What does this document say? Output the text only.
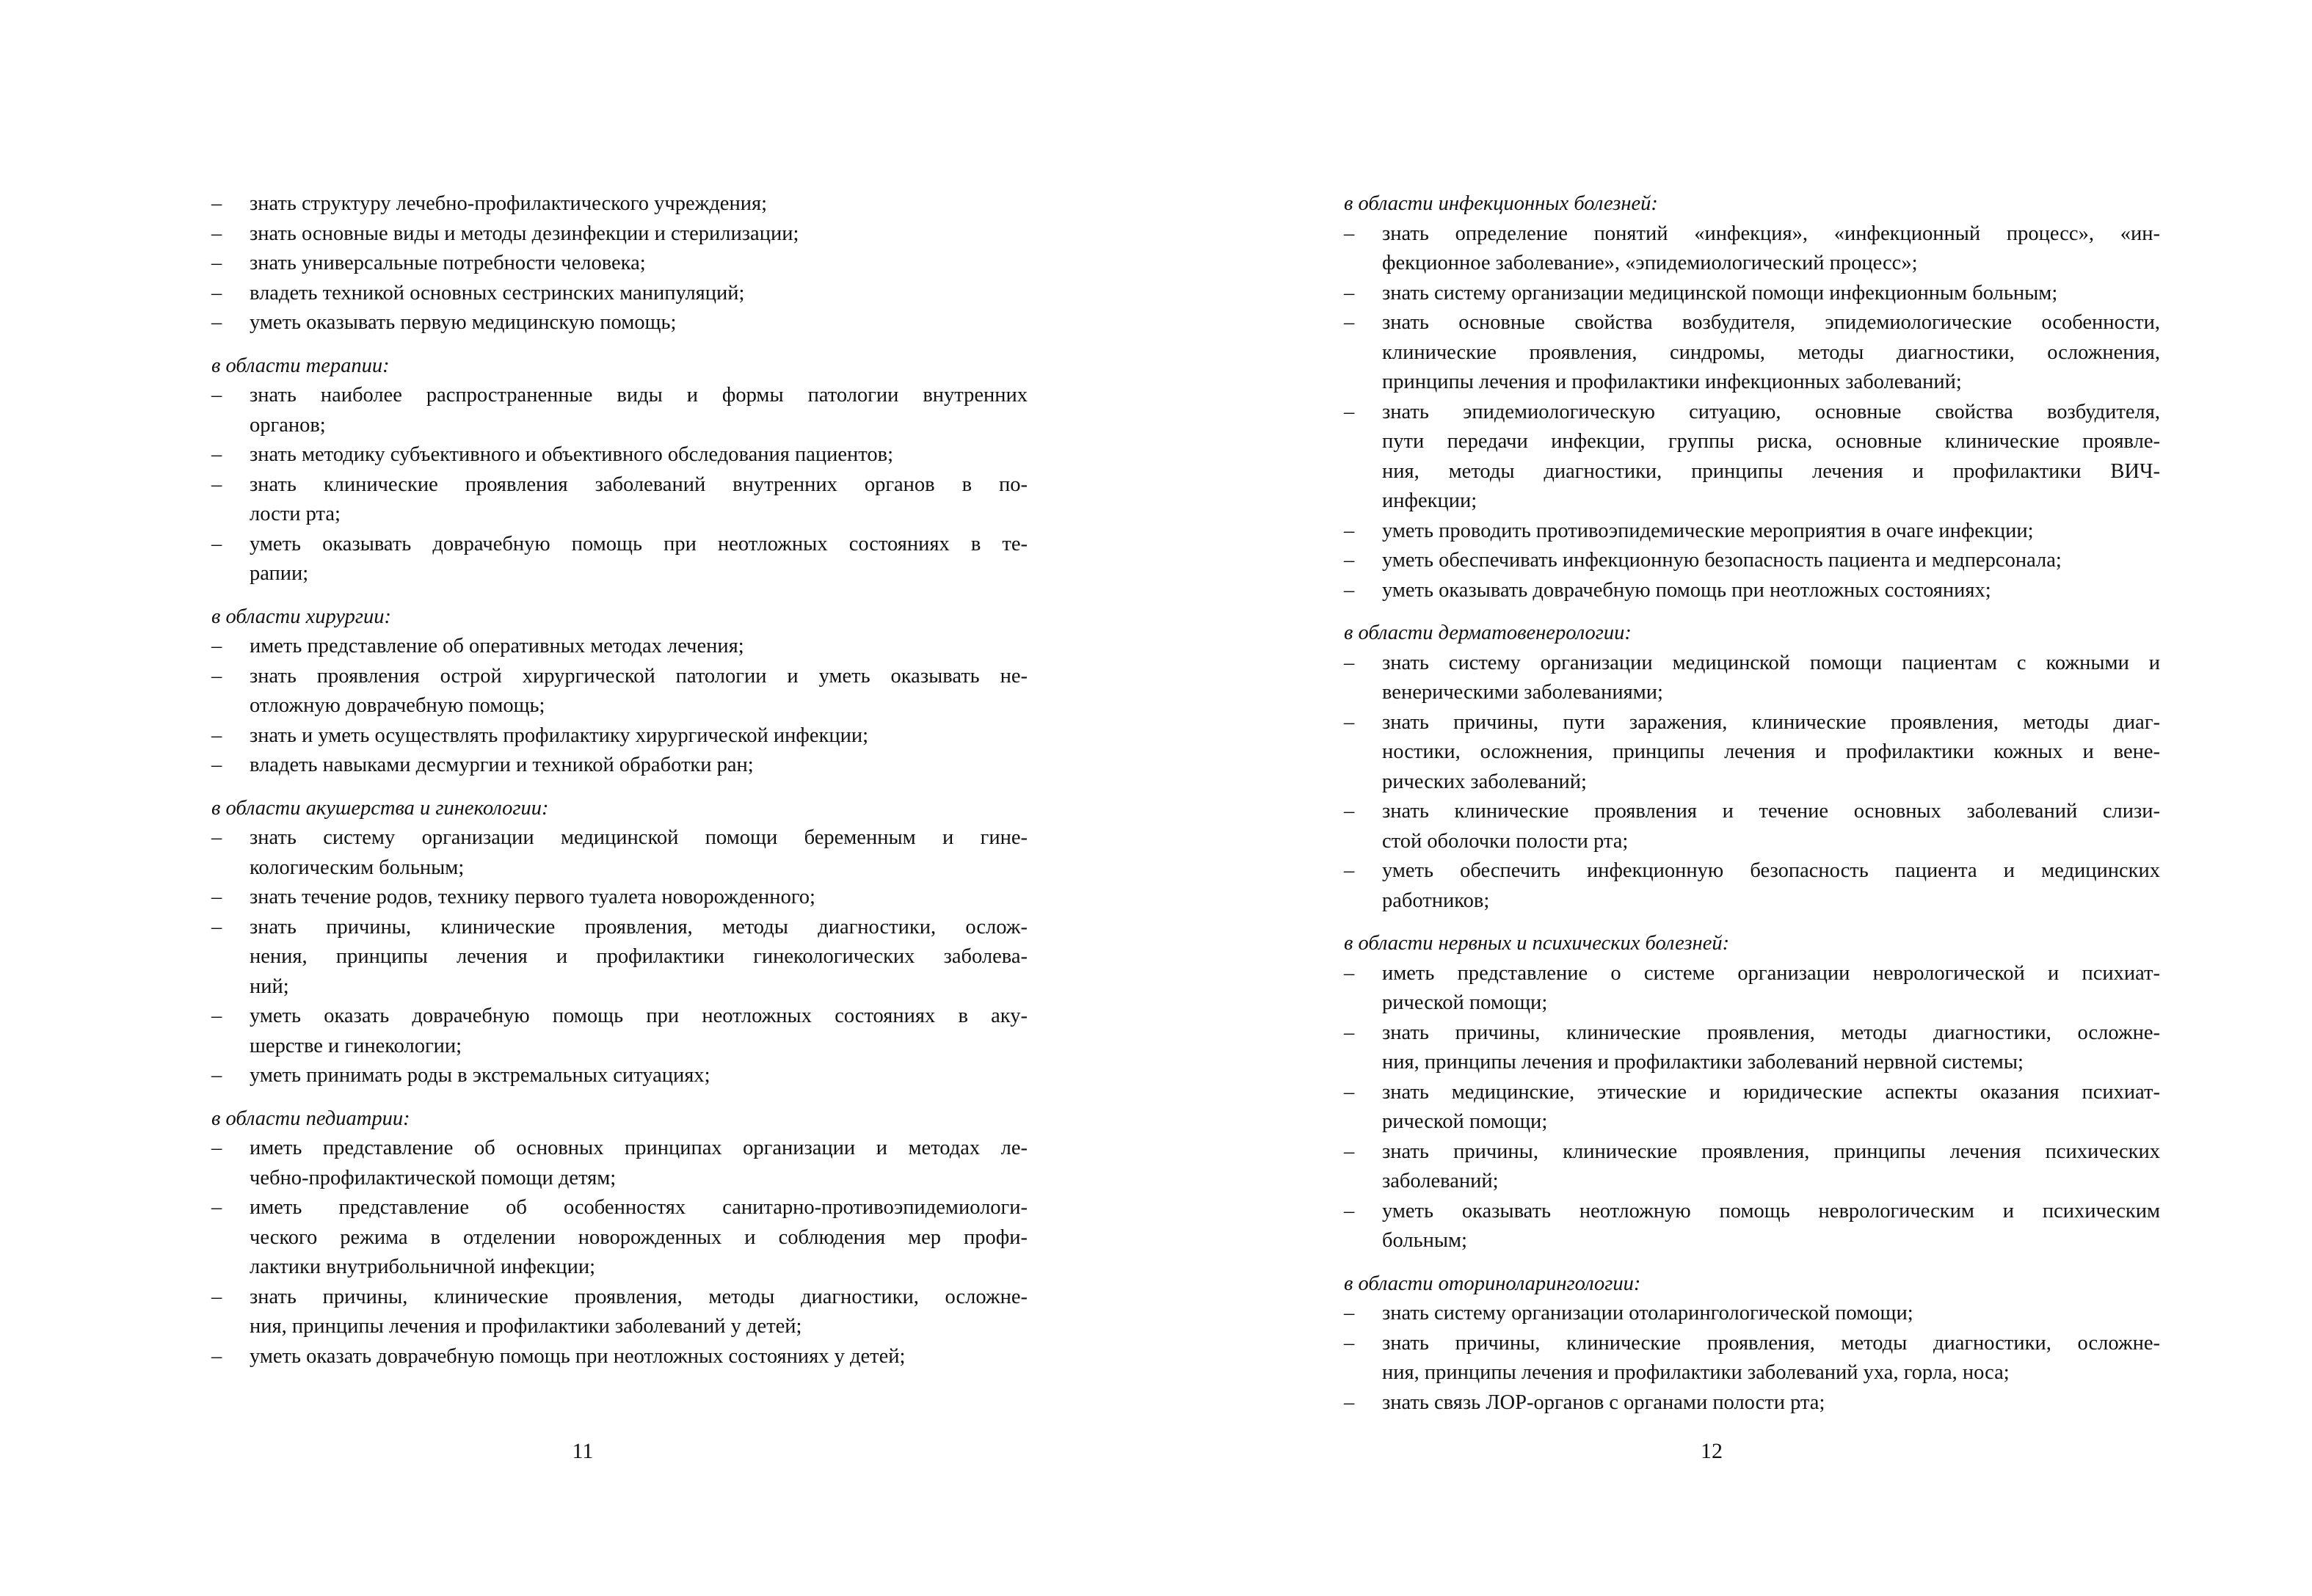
– знать структуру лечебно-профилактического учреждения;
– знать основные виды и методы дезинфекции и стерилизации;
– знать универсальные потребности человека;
– владеть техникой основных сестринских манипуляций;
– уметь оказывать первую медицинскую помощь;
в области терапии:
– знать наиболее распространенные виды и формы патологии внутренних
органов;
– знать методику субъективного и объективного обследования пациентов;
– знать клинические проявления заболеваний внутренних органов в по-
лости рта;
– уметь оказывать доврачебную помощь при неотложных состояниях в те-
рапии;
в области хирургии:
– иметь представление об оперативных методах лечения;
– знать проявления острой хирургической патологии и уметь оказывать не-
отложную доврачебную помощь;
– знать и уметь осуществлять профилактику хирургической инфекции;
– владеть навыками десмургии и техникой обработки ран;
в области акушерства и гинекологии:
– знать систему организации медицинской помощи беременным и гине-
кологическим больным;
– знать течение родов, технику первого туалета новорожденного;
– знать причины, клинические проявления, методы диагностики, ослож-
нения, принципы лечения и профилактики гинекологических заболева-
ний;
– уметь оказать доврачебную помощь при неотложных состояниях в аку-
шерстве и гинекологии;
– уметь принимать роды в экстремальных ситуациях;
в области педиатрии:
– иметь представление об основных принципах организации и методах ле-
чебно-профилактической помощи детям;
– иметь представление об особенностях санитарно-противоэпидемиологи-
ческого режима в отделении новорожденных и соблюдения мер профи-
лактики внутрибольничной инфекции;
– знать причины, клинические проявления, методы диагностики, осложне-
ния, принципы лечения и профилактики заболеваний у детей;
– уметь оказать доврачебную помощь при неотложных состояниях у детей;
11
в области инфекционных болезней:
– знать определение понятий «инфекция», «инфекционный процесс», «ин-
фекционное заболевание», «эпидемиологический процесс»;
– знать систему организации медицинской помощи инфекционным больным;
– знать основные свойства возбудителя, эпидемиологические особенности,
клинические проявления, синдромы, методы диагностики, осложнения,
принципы лечения и профилактики инфекционных заболеваний;
– знать эпидемиологическую ситуацию, основные свойства возбудителя,
пути передачи инфекции, группы риска, основные клинические проявле-
ния, методы диагностики, принципы лечения и профилактики ВИЧ-
инфекции;
– уметь проводить противоэпидемические мероприятия в очаге инфекции;
– уметь обеспечивать инфекционную безопасность пациента и медперсонала;
– уметь оказывать доврачебную помощь при неотложных состояниях;
в области дерматовенерологии:
– знать систему организации медицинской помощи пациентам с кожными и
венерическими заболеваниями;
– знать причины, пути заражения, клинические проявления, методы диаг-
ностики, осложнения, принципы лечения и профилактики кожных и вене-
рических заболеваний;
– знать клинические проявления и течение основных заболеваний слизи-
стой оболочки полости рта;
– уметь обеспечить инфекционную безопасность пациента и медицинских
работников;
в области нервных и психических болезней:
– иметь представление о системе организации неврологической и психиат-
рической помощи;
– знать причины, клинические проявления, методы диагностики, осложне-
ния, принципы лечения и профилактики заболеваний нервной системы;
– знать медицинские, этические и юридические аспекты оказания психиат-
рической помощи;
– знать причины, клинические проявления, принципы лечения психических
заболеваний;
– уметь оказывать неотложную помощь неврологическим и психическим
больным;
в области оториноларингологии:
– знать систему организации отоларингологической помощи;
– знать причины, клинические проявления, методы диагностики, осложне-
ния, принципы лечения и профилактики заболеваний уха, горла, носа;
– знать связь ЛОР-органов с органами полости рта;
12
